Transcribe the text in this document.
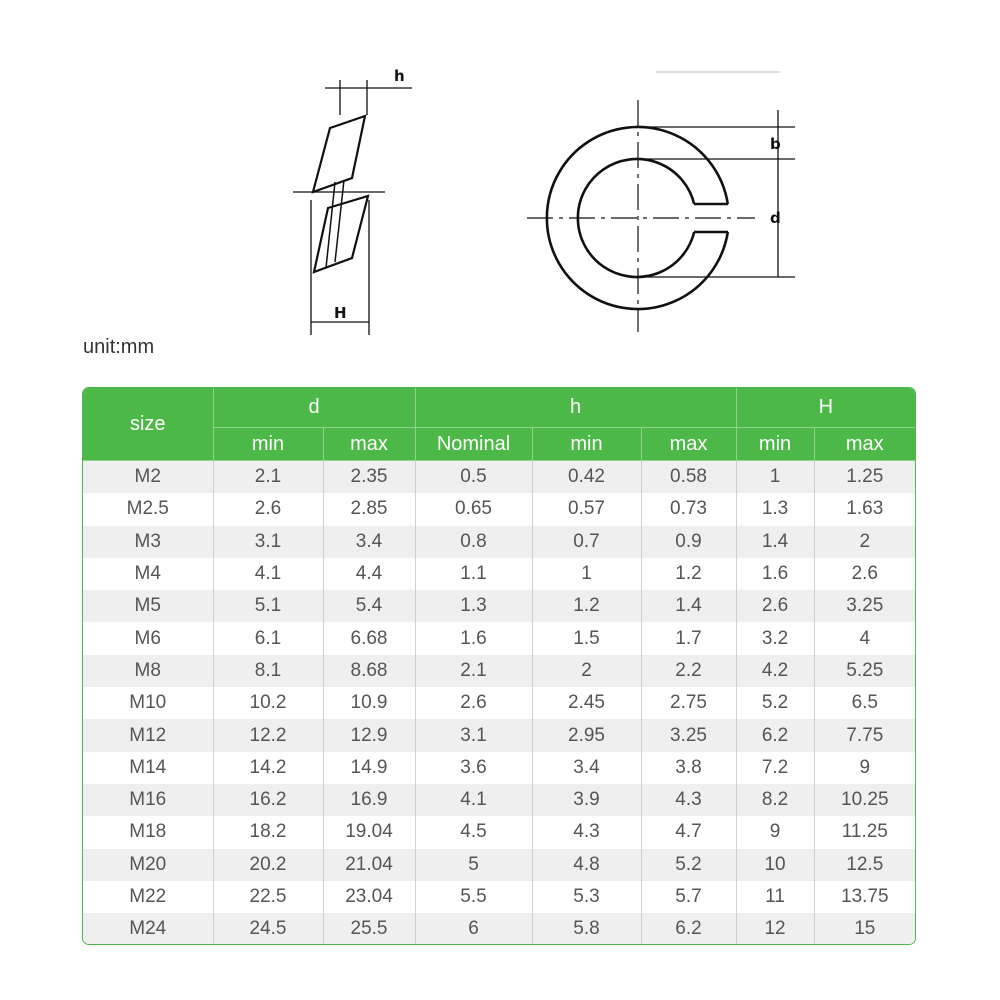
h
H
b
d
unit:mm
size	d		h			H	
	min	max	Nominal	min	max	min	max
M2	2.1	2.35	0.5	0.42	0.58	1	1.25
M2.5	2.6	2.85	0.65	0.57	0.73	1.3	1.63
M3	3.1	3.4	0.8	0.7	0.9	1.4	2
M4	4.1	4.4	1.1	1	1.2	1.6	2.6
M5	5.1	5.4	1.3	1.2	1.4	2.6	3.25
M6	6.1	6.68	1.6	1.5	1.7	3.2	4
M8	8.1	8.68	2.1	2	2.2	4.2	5.25
M10	10.2	10.9	2.6	2.45	2.75	5.2	6.5
M12	12.2	12.9	3.1	2.95	3.25	6.2	7.75
M14	14.2	14.9	3.6	3.4	3.8	7.2	9
M16	16.2	16.9	4.1	3.9	4.3	8.2	10.25
M18	18.2	19.04	4.5	4.3	4.7	9	11.25
M20	20.2	21.04	5	4.8	5.2	10	12.5
M22	22.5	23.04	5.5	5.3	5.7	11	13.75
M24	24.5	25.5	6	5.8	6.2	12	15
